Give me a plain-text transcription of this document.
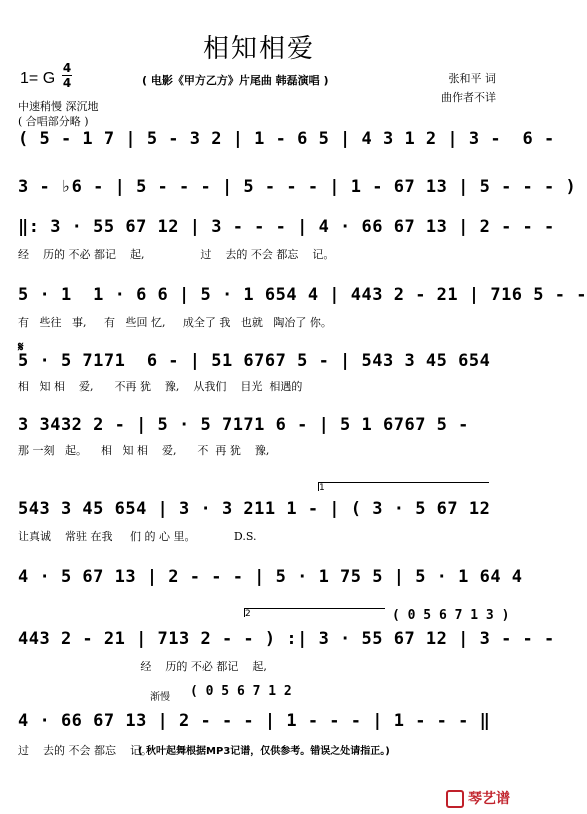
相知相爱
1= G
4
4	( 电影《甲方乙方》片尾曲 韩磊演唱 )	张和平 词
曲作者不详
中速稍慢 深沉地
( 合唱部分略 )
( 5 - 1 7 | 5 - 3 2 | 1 - 6 5 | 4 3 1 2 | 3 -  6 -
3 - ♭6 - | 5 - - - | 5 - - - | 1 - 67 13 | 5 - - - )
‖: 3 · 55 67 12 | 3 - - - | 4 · 66 67 13 | 2 - - -
经    历的 不必 都记    起,                过    去的 不会 都忘    记。
5 · 1  1 · 6 6 | 5 · 1 654 4 | 443 2 - 21 | 716 5 - -
有   些往   事,     有   些回 忆,     成全了 我   也就   陶冶了 你。
𝄋
5 · 5 7171  6 - | 51 6767 5 - | 543 3 45 654
相   知 相    爱,      不再 犹    豫,    从我们    目光  相遇的
3 3432 2 - | 5 · 5 7171 6 - | 5 1 6767 5 -
那 一刻   起。    相   知 相    爱,      不  再 犹    豫,
1
543 3 45 654 | 3 · 3 211 1 - | ( 3 · 5 67 12
让真诚    常驻 在我     们 的 心 里。           D.S.
4 · 5 67 13 | 2 - - - | 5 · 1 75 5 | 5 · 1 64 4
2	( 0 5 6 7 1 3 )
443 2 - 21 | 713 2 - - ) :| 3 · 55 67 12 | 3 - - -
经    历的 不必 都记    起,
渐慢 ( 0 5 6 7 1 2
4 · 66 67 13 | 2 - - - | 1 - - - | 1 - - - ‖
过    去的 不会 都忘    记。
( 秋叶起舞根据MP3记谱，仅供参考。错误之处请指正。)
琴艺谱
